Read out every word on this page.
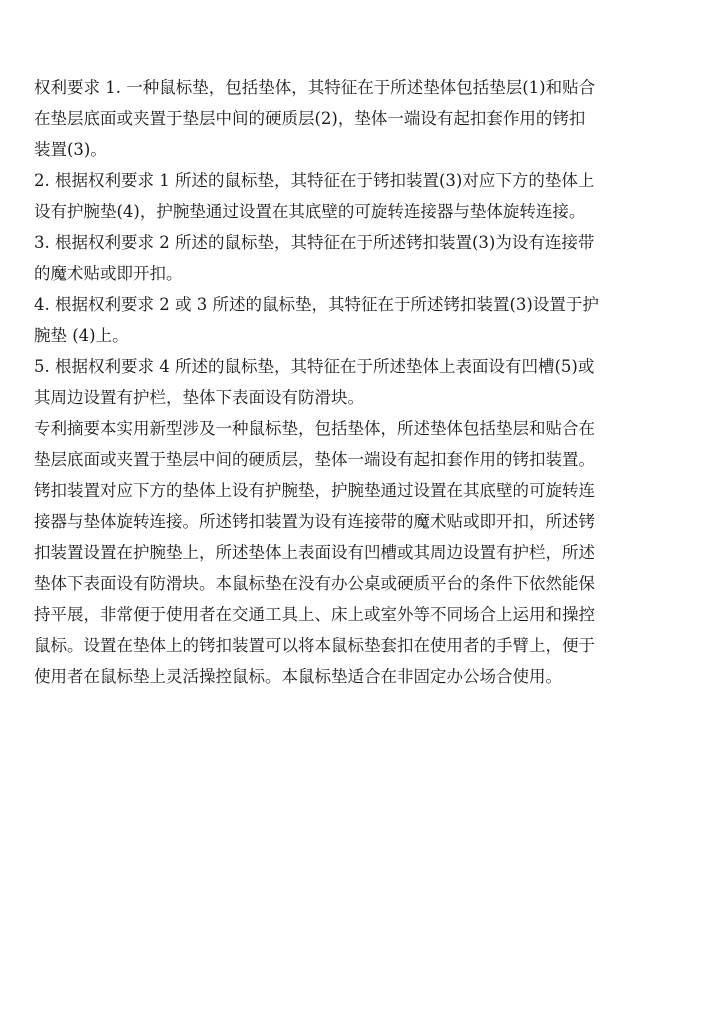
权利要求 1. 一种鼠标垫，包括垫体，其特征在于所述垫体包括垫层(1)和贴合
在垫层底面或夹置于垫层中间的硬质层(2)，垫体一端设有起扣套作用的铐扣
装置(3)。
2. 根据权利要求 1 所述的鼠标垫，其特征在于铐扣装置(3)对应下方的垫体上
设有护腕垫(4)，护腕垫通过设置在其底壁的可旋转连接器与垫体旋转连接。
3. 根据权利要求 2 所述的鼠标垫，其特征在于所述铐扣装置(3)为设有连接带
的魔术贴或即开扣。
4. 根据权利要求 2 或 3 所述的鼠标垫，其特征在于所述铐扣装置(3)设置于护
腕垫 (4)上。
5. 根据权利要求 4 所述的鼠标垫，其特征在于所述垫体上表面设有凹槽(5)或
其周边设置有护栏，垫体下表面设有防滑块。
专利摘要本实用新型涉及一种鼠标垫，包括垫体，所述垫体包括垫层和贴合在
垫层底面或夹置于垫层中间的硬质层，垫体一端设有起扣套作用的铐扣装置。
铐扣装置对应下方的垫体上设有护腕垫，护腕垫通过设置在其底壁的可旋转连
接器与垫体旋转连接。所述铐扣装置为设有连接带的魔术贴或即开扣，所述铐
扣装置设置在护腕垫上，所述垫体上表面设有凹槽或其周边设置有护栏，所述
垫体下表面设有防滑块。本鼠标垫在没有办公桌或硬质平台的条件下依然能保
持平展，非常便于使用者在交通工具上、床上或室外等不同场合上运用和操控
鼠标。设置在垫体上的铐扣装置可以将本鼠标垫套扣在使用者的手臂上，便于
使用者在鼠标垫上灵活操控鼠标。本鼠标垫适合在非固定办公场合使用。
